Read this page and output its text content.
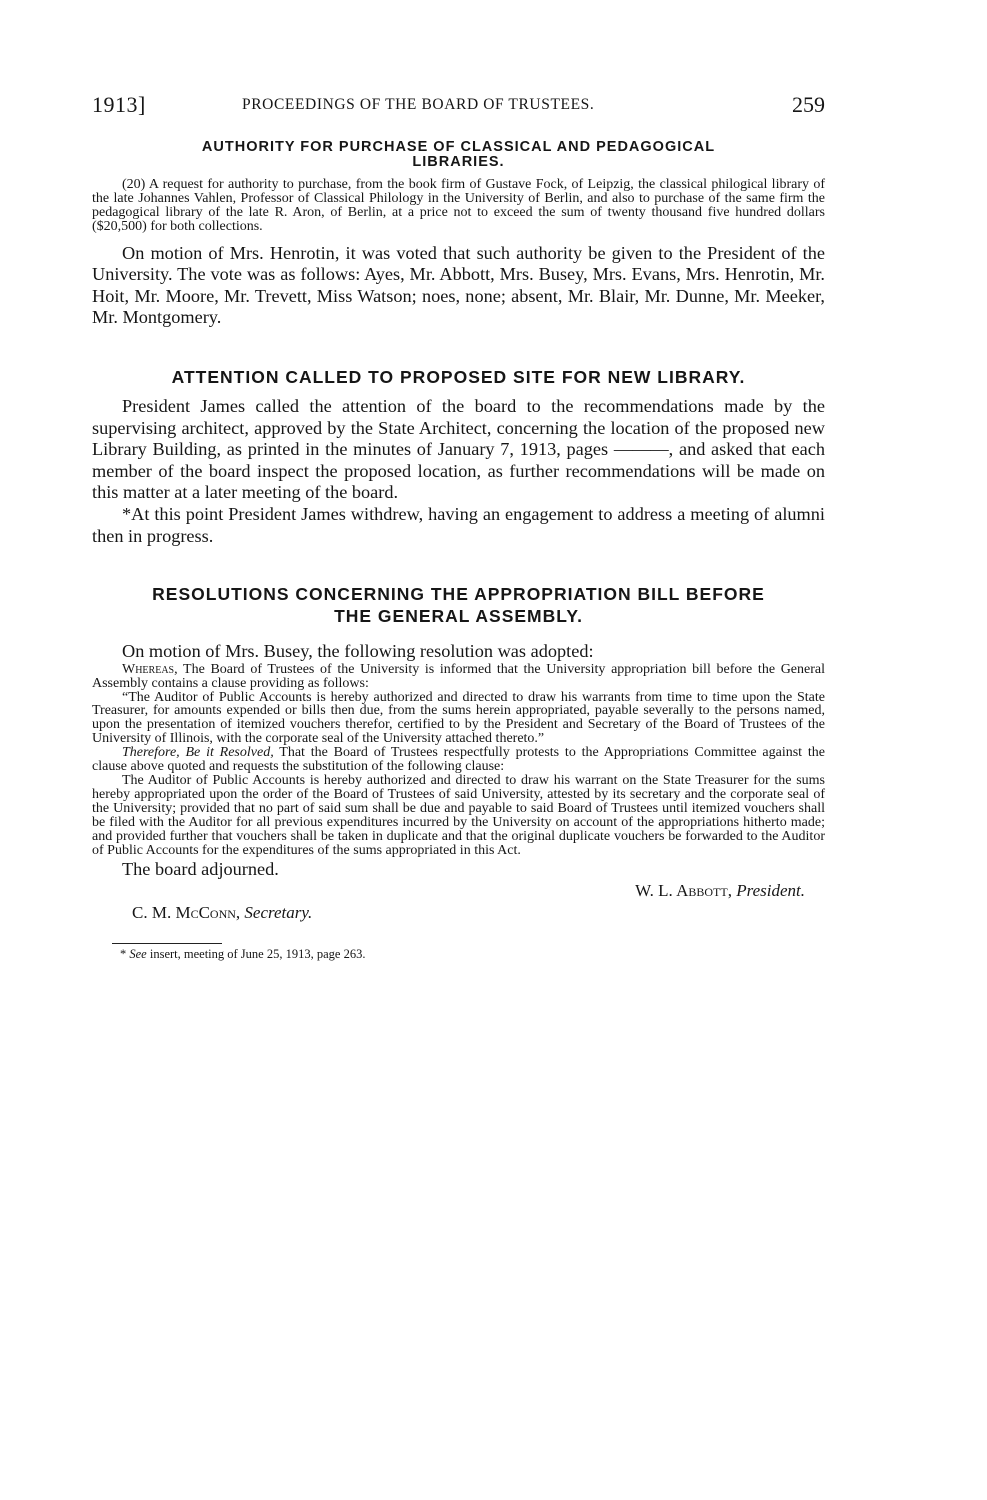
1913]	PROCEEDINGS OF THE BOARD OF TRUSTEES.	259

AUTHORITY FOR PURCHASE OF CLASSICAL AND PEDAGOGICAL
LIBRARIES.

(20) A request for authority to purchase, from the book firm of Gustave Fock, of Leipzig, the classical philogical library of the late Johannes Vahlen, Professor of Classical Philology in the University of Berlin, and also to purchase of the same firm the pedagogical library of the late R. Aron, of Berlin, at a price not to exceed the sum of twenty thousand five hundred dollars ($20,500) for both collections.

On motion of Mrs. Henrotin, it was voted that such authority be given to the President of the University. The vote was as follows: Ayes, Mr. Abbott, Mrs. Busey, Mrs. Evans, Mrs. Henrotin, Mr. Hoit, Mr. Moore, Mr. Trevett, Miss Watson; noes, none; absent, Mr. Blair, Mr. Dunne, Mr. Meeker, Mr. Montgomery.

ATTENTION CALLED TO PROPOSED SITE FOR NEW LIBRARY.

President James called the attention of the board to the recommendations made by the supervising architect, approved by the State Architect, concerning the location of the proposed new Library Building, as printed in the minutes of January 7, 1913, pages ———, and asked that each member of the board inspect the proposed location, as further recommendations will be made on this matter at a later meeting of the board.

*At this point President James withdrew, having an engagement to address a meeting of alumni then in progress.

RESOLUTIONS CONCERNING THE APPROPRIATION BILL BEFORE
THE GENERAL ASSEMBLY.

On motion of Mrs. Busey, the following resolution was adopted:

Whereas, The Board of Trustees of the University is informed that the University appropriation bill before the General Assembly contains a clause providing as follows:

“The Auditor of Public Accounts is hereby authorized and directed to draw his warrants from time to time upon the State Treasurer, for amounts expended or bills then due, from the sums herein appropriated, payable severally to the persons named, upon the presentation of itemized vouchers therefor, certified to by the President and Secretary of the Board of Trustees of the University of Illinois, with the corporate seal of the University attached thereto.”

Therefore, Be it Resolved, That the Board of Trustees respectfully protests to the Appropriations Committee against the clause above quoted and requests the substitution of the following clause:

The Auditor of Public Accounts is hereby authorized and directed to draw his warrant on the State Treasurer for the sums hereby appropriated upon the order of the Board of Trustees of said University, attested by its secretary and the corporate seal of the University; provided that no part of said sum shall be due and payable to said Board of Trustees until itemized vouchers shall be filed with the Auditor for all previous expenditures incurred by the University on account of the appropriations hitherto made; and provided further that vouchers shall be taken in duplicate and that the original duplicate vouchers be forwarded to the Auditor of Public Accounts for the expenditures of the sums appropriated in this Act.

The board adjourned.

W. L. Abbott, President.
C. M. McConn, Secretary.
* See insert, meeting of June 25, 1913, page 263.
